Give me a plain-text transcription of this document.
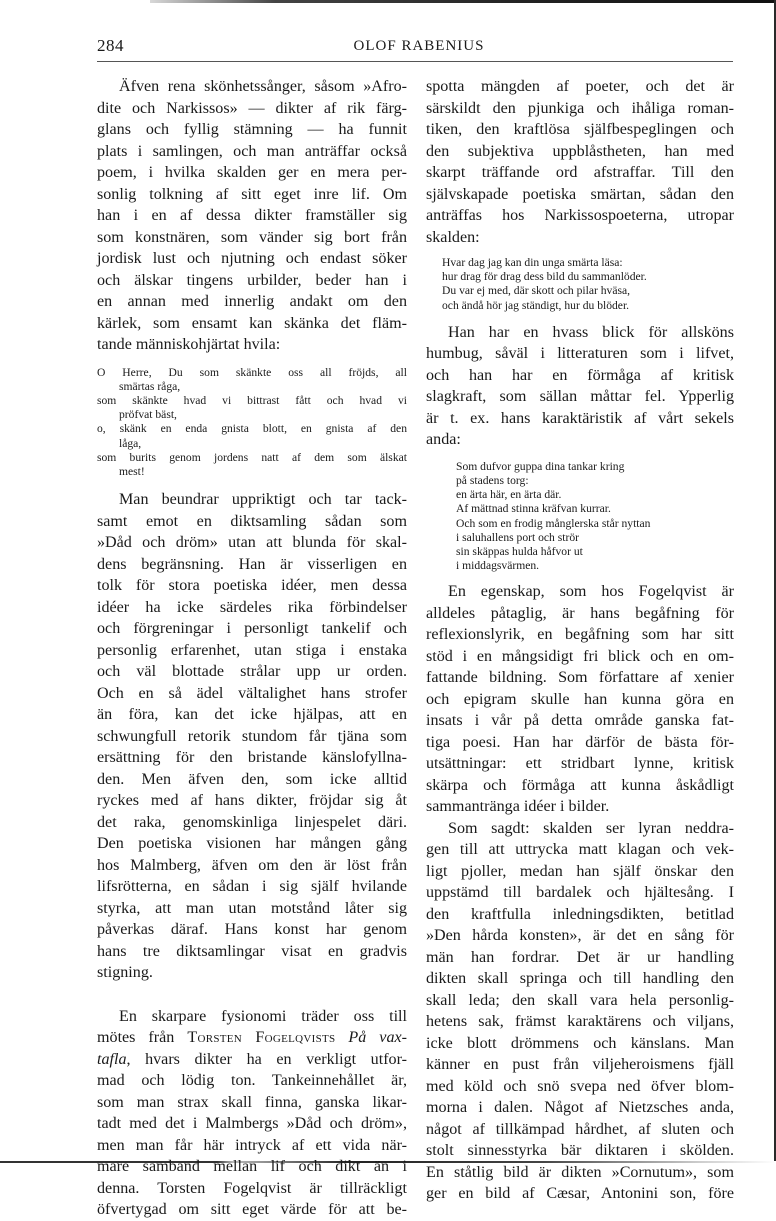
284	OLOF RABENIUS
Äfven rena skönhetssånger, såsom »Afro-
dite och Narkissos» — dikter af rik färg-
glans och fyllig stämning — ha funnit
plats i samlingen, och man anträffar också
poem, i hvilka skalden ger en mera per-
sonlig tolkning af sitt eget inre lif. Om
han i en af dessa dikter framställer sig
som konstnären, som vänder sig bort från
jordisk lust och njutning och endast söker
och älskar tingens urbilder, beder han i
en annan med innerlig andakt om den
kärlek, som ensamt kan skänka det fläm-
tande människohjärtat hvila:
O Herre, Du som skänkte oss all fröjds, all
smärtas råga,
som skänkte hvad vi bittrast fått och hvad vi
pröfvat bäst,
o, skänk en enda gnista blott, en gnista af den
låga,
som burits genom jordens natt af dem som älskat
mest!
Man beundrar uppriktigt och tar tack-
samt emot en diktsamling sådan som
»Dåd och dröm» utan att blunda för skal-
dens begränsning. Han är visserligen en
tolk för stora poetiska idéer, men dessa
idéer ha icke särdeles rika förbindelser
och förgreningar i personligt tankelif och
personlig erfarenhet, utan stiga i enstaka
och väl blottade strålar upp ur orden.
Och en så ädel vältalighet hans strofer
än föra, kan det icke hjälpas, att en
schwungfull retorik stundom får tjäna som
ersättning för den bristande känslofyllna-
den. Men äfven den, som icke alltid
ryckes med af hans dikter, fröjdar sig åt
det raka, genomskinliga linjespelet däri.
Den poetiska visionen har mången gång
hos Malmberg, äfven om den är löst från
lifsrötterna, en sådan i sig själf hvilande
styrka, att man utan motstånd låter sig
påverkas däraf. Hans konst har genom
hans tre diktsamlingar visat en gradvis
stigning.
En skarpare fysionomi träder oss till
mötes från Torsten Fogelqvists På vax-
tafla, hvars dikter ha en verkligt utfor-
mad och lödig ton. Tankeinnehållet är,
som man strax skall finna, ganska likar-
tadt med det i Malmbergs »Dåd och dröm»,
men man får här intryck af ett vida när-
mare samband mellan lif och dikt än i
denna. Torsten Fogelqvist är tillräckligt
öfvertygad om sitt eget värde för att be-
spotta mängden af poeter, och det är
särskildt den pjunkiga och ihåliga roman-
tiken, den kraftlösa själfbespeglingen och
den subjektiva uppblåstheten, han med
skarpt träffande ord afstraffar. Till den
självskapade poetiska smärtan, sådan den
anträffas hos Narkissospoeterna, utropar
skalden:
Hvar dag jag kan din unga smärta läsa:
hur drag för drag dess bild du sammanlöder.
Du var ej med, där skott och pilar hväsa,
och ändå hör jag ständigt, hur du blöder.
Han har en hvass blick för allsköns
humbug, såväl i litteraturen som i lifvet,
och han har en förmåga af kritisk
slagkraft, som sällan måttar fel. Ypperlig
är t. ex. hans karaktäristik af vårt sekels
anda:
Som dufvor guppa dina tankar kring
på stadens torg:
en ärta här, en ärta där.
Af mättnad stinna kräfvan kurrar.
Och som en frodig månglerska står nyttan
i saluhallens port och strör
sin skäppas hulda håfvor ut
i middagsvärmen.
En egenskap, som hos Fogelqvist är
alldeles påtaglig, är hans begåfning för
reflexionslyrik, en begåfning som har sitt
stöd i en mångsidigt fri blick och en om-
fattande bildning. Som författare af xenier
och epigram skulle han kunna göra en
insats i vår på detta område ganska fat-
tiga poesi. Han har därför de bästa för-
utsättningar: ett stridbart lynne, kritisk
skärpa och förmåga att kunna åskådligt
sammanträngа idéer i bilder.
Som sagdt: skalden ser lyran neddra-
gen till att uttrycka matt klagan och vek-
ligt pjoller, medan han själf önskar den
uppstämd till bardalek och hjältesång. I
den kraftfulla inledningsdikten, betitlad
»Den hårda konsten», är det en sång för
män han fordrar. Det är ur handling
dikten skall springa och till handling den
skall leda; den skall vara hela personlig-
hetens sak, främst karaktärens och viljans,
icke blott drömmens och känslans. Man
känner en pust från viljeheroismens fjäll
med köld och snö svepa ned öfver blom-
morna i dalen. Något af Nietzsches anda,
något af tillkämpad hårdhet, af sluten och
stolt sinnesstyrka bär diktaren i skölden.
En ståtlig bild är dikten »Cornutum», som
ger en bild af Cæsar, Antonini son, före
